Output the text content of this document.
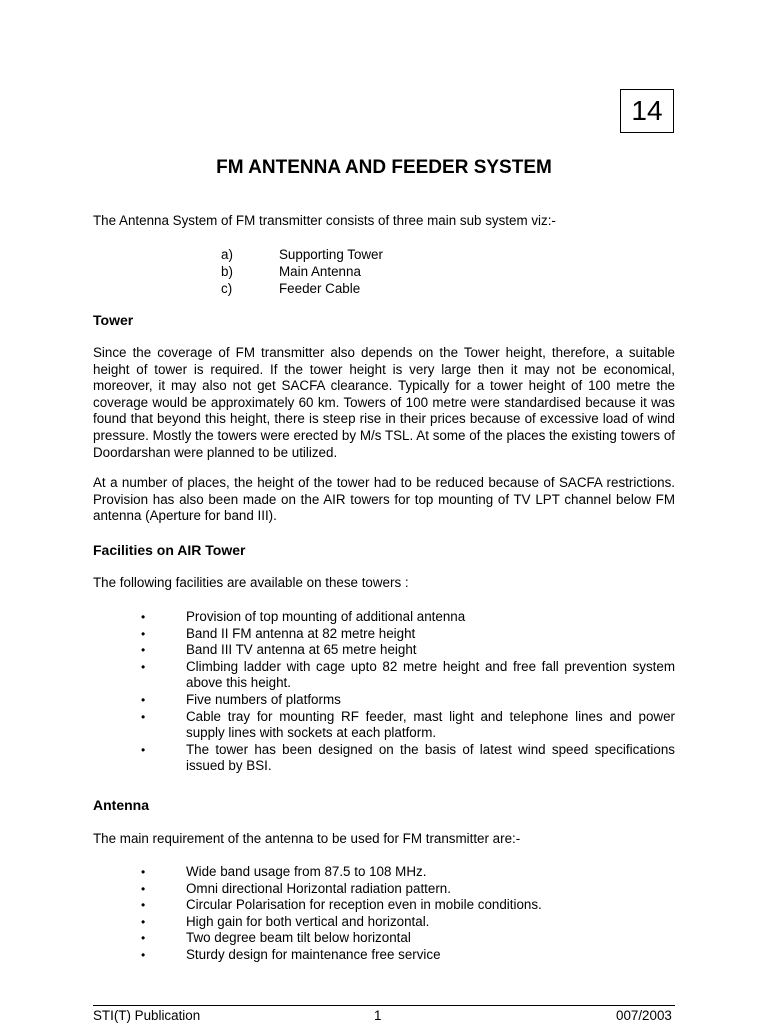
14
FM ANTENNA AND FEEDER SYSTEM

The Antenna System of FM transmitter consists of three main sub system viz:-

a)	Supporting Tower
b)	Main Antenna
c)	Feeder Cable
Tower

Since the coverage of FM transmitter also depends on the Tower height, therefore, a suitable height of tower is required. If the tower height is very large then it may not be economical, moreover, it may also not get SACFA clearance. Typically for a tower height of 100 metre the coverage would be approximately 60 km. Towers of 100 metre were standardised because it was found that beyond this height, there is steep rise in their prices because of excessive load of wind pressure. Mostly the towers were erected by M/s TSL. At some of the places the existing towers of Doordarshan were planned to be utilized.

At a number of places, the height of the tower had to be reduced because of SACFA restrictions. Provision has also been made on the AIR towers for top mounting of TV LPT channel below FM antenna (Aperture for band III).

Facilities on AIR Tower

The following facilities are available on these towers :

•	Provision of top mounting of additional antenna
•	Band II FM antenna at 82 metre height
•	Band III TV antenna at 65 metre height
•	Climbing ladder with cage upto 82 metre height and free fall prevention system above this height.
•	Five numbers of platforms
•	Cable tray for mounting RF feeder, mast light and telephone lines and power supply lines with sockets at each platform.
•	The tower has been designed on the basis of latest wind speed specifications issued by BSI.
Antenna

The main requirement of the antenna to be used for FM transmitter are:-

•	Wide band usage from 87.5 to 108 MHz.
•	Omni directional Horizontal radiation pattern.
•	Circular Polarisation for reception even in mobile conditions.
•	High gain for both vertical and horizontal.
•	Two degree beam tilt below horizontal
•	Sturdy design for maintenance free service
STI(T) Publication	1	007/2003
